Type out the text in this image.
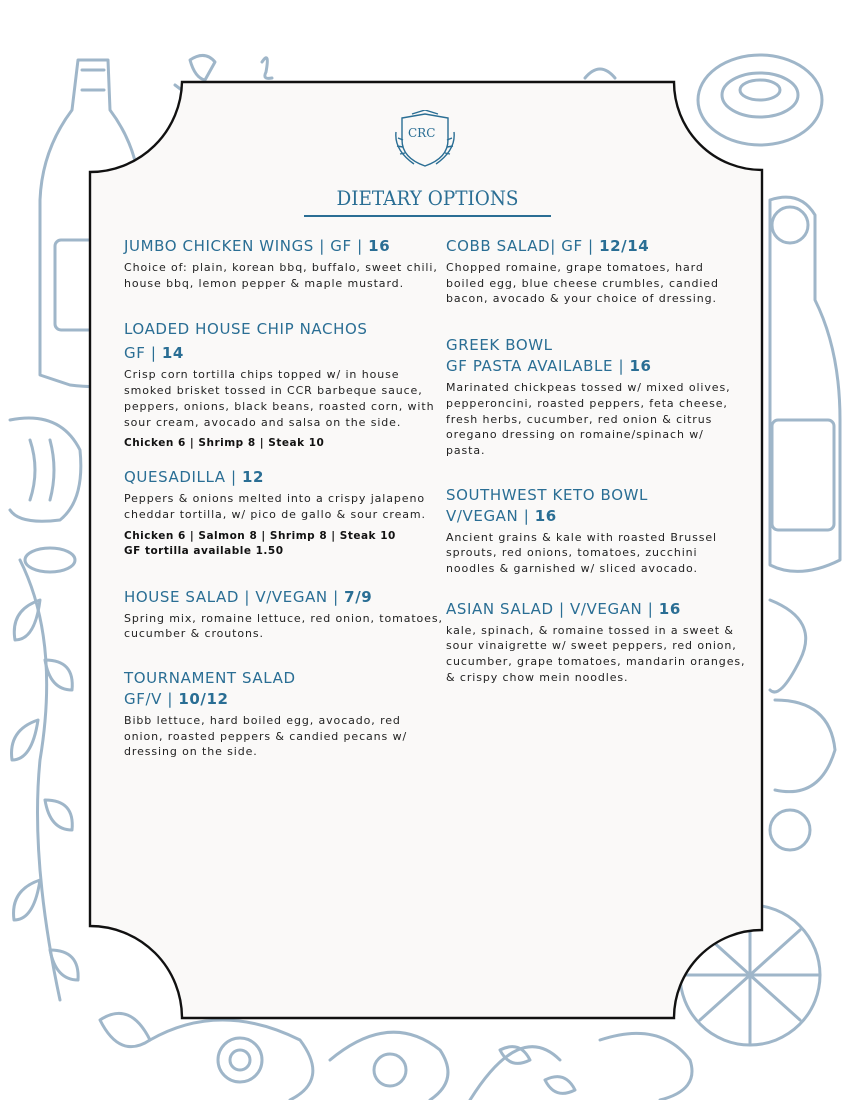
CRC
DIETARY OPTIONS
JUMBO CHICKEN WINGS | GF | 16
Choice of: plain, korean bbq, buffalo, sweet chili, house bbq, lemon pepper & maple mustard.
LOADED HOUSE CHIP NACHOS
GF | 14
Crisp corn tortilla chips topped w/ in house smoked brisket tossed in CCR barbeque sauce, peppers, onions, black beans, roasted corn, with sour cream, avocado and salsa on the side.
Chicken 6 | Shrimp 8 | Steak 10
QUESADILLA | 12
Peppers & onions melted into a crispy jalapeno cheddar tortilla, w/ pico de gallo & sour cream.
Chicken 6 | Salmon 8 | Shrimp 8 | Steak 10
GF tortilla available 1.50
HOUSE SALAD | V/VEGAN | 7/9
Spring mix, romaine lettuce, red onion, tomatoes, cucumber & croutons.
TOURNAMENT SALAD
GF/V | 10/12
Bibb lettuce, hard boiled egg, avocado, red onion, roasted peppers & candied pecans w/ dressing on the side.
COBB SALAD| GF | 12/14
Chopped romaine, grape tomatoes, hard boiled egg, blue cheese crumbles, candied bacon, avocado & your choice of dressing.
GREEK BOWL
GF PASTA AVAILABLE | 16
Marinated chickpeas tossed w/ mixed olives, pepperoncini, roasted peppers, feta cheese, fresh herbs, cucumber, red onion & citrus oregano dressing on romaine/spinach w/ pasta.
SOUTHWEST KETO BOWL
V/VEGAN | 16
Ancient grains & kale with roasted Brussel sprouts, red onions, tomatoes, zucchini noodles & garnished w/ sliced avocado.
ASIAN SALAD | V/VEGAN | 16
kale, spinach, & romaine tossed in a sweet & sour vinaigrette w/ sweet peppers, red onion, cucumber, grape tomatoes, mandarin oranges, & crispy chow mein noodles.
